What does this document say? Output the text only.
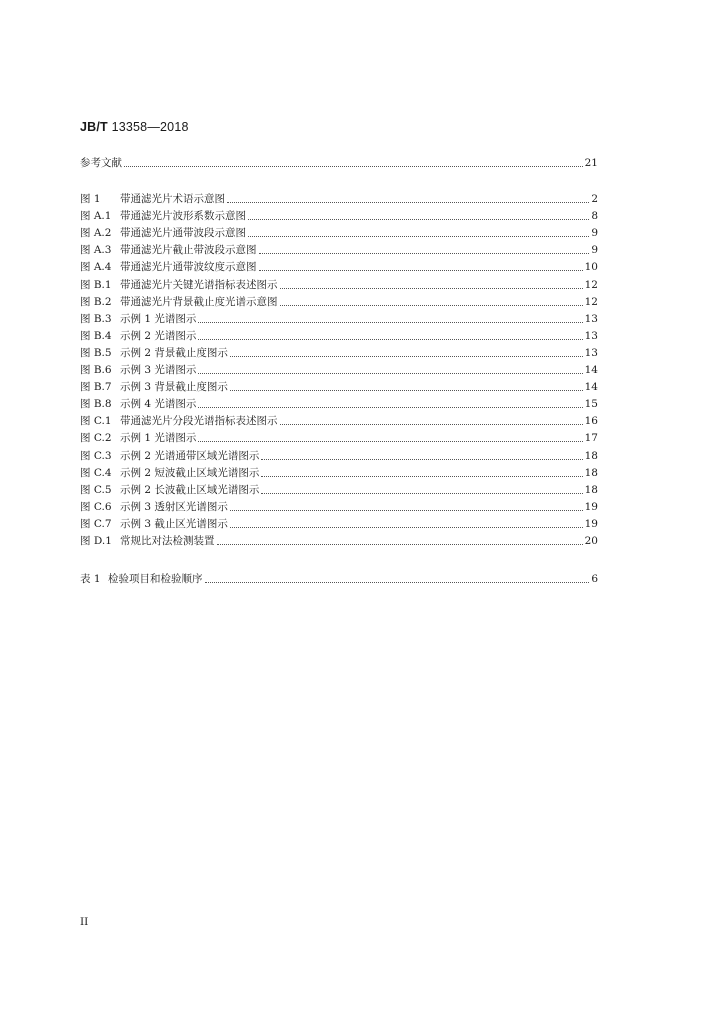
JB/T 13358—2018
参考文献	21
图 1	带通滤光片术语示意图	2
图 A.1 带通滤光片波形系数示意图	8
图 A.2 带通滤光片通带波段示意图	9
图 A.3 带通滤光片截止带波段示意图	9
图 A.4 带通滤光片通带波纹度示意图	10
图 B.1 带通滤光片关键光谱指标表述图示	12
图 B.2 带通滤光片背景截止度光谱示意图	12
图 B.3 示例 1 光谱图示	13
图 B.4 示例 2 光谱图示	13
图 B.5 示例 2 背景截止度图示	13
图 B.6 示例 3 光谱图示	14
图 B.7 示例 3 背景截止度图示	14
图 B.8 示例 4 光谱图示	15
图 C.1 带通滤光片分段光谱指标表述图示	16
图 C.2 示例 1 光谱图示	17
图 C.3 示例 2 光谱通带区域光谱图示	18
图 C.4 示例 2 短波截止区域光谱图示	18
图 C.5 示例 2 长波截止区域光谱图示	18
图 C.6 示例 3 透射区光谱图示	19
图 C.7 示例 3 截止区光谱图示	19
图 D.1 常规比对法检测装置	20
表 1 检验项目和检验顺序	6
II
